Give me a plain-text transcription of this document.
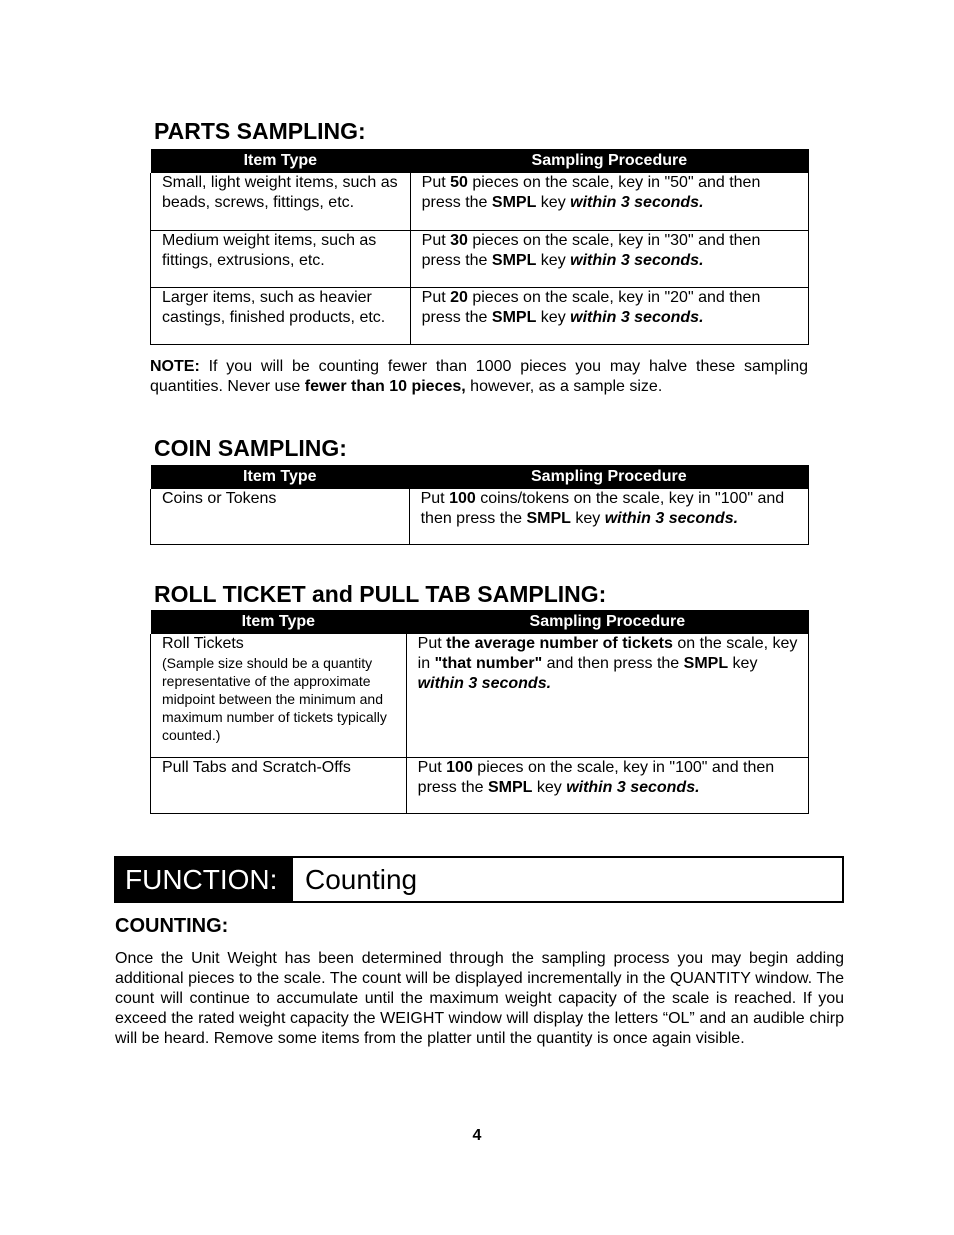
PARTS SAMPLING:
Item Type	Sampling Procedure
Small, light weight items, such as beads, screws, fittings, etc.	Put 50 pieces on the scale, key in "50" and then press the SMPL key within 3 seconds.
Medium weight items, such as fittings, extrusions, etc.	Put 30 pieces on the scale, key in "30" and then press the SMPL key within 3 seconds.
Larger items, such as heavier castings, finished products, etc.	Put 20 pieces on the scale, key in "20" and then press the SMPL key within 3 seconds.
NOTE: If you will be counting fewer than 1000 pieces you may halve these sampling quantities. Never use fewer than 10 pieces, however, as a sample size.
COIN SAMPLING:
Item Type	Sampling Procedure
Coins or Tokens	Put 100 coins/tokens on the scale, key in "100" and then press the SMPL key within 3 seconds.
ROLL TICKET and PULL TAB SAMPLING:
Item Type	Sampling Procedure

Roll Tickets
(Sample size should be a quantity representative of the approximate midpoint between the minimum and maximum number of tickets typically counted.)	Put the average number of tickets on the scale, key in "that number" and then press the SMPL key within 3 seconds.
Pull Tabs and Scratch-Offs	Put 100 pieces on the scale, key in "100" and then press the SMPL key within 3 seconds.
FUNCTION: Counting
COUNTING:
Once the Unit Weight has been determined through the sampling process you may begin adding additional pieces to the scale. The count will be displayed incrementally in the QUANTITY window. The count will continue to accumulate until the maximum weight capacity of the scale is reached. If you exceed the rated weight capacity the WEIGHT window will display the letters “OL” and an audible chirp will be heard. Remove some items from the platter until the quantity is once again visible.
4
